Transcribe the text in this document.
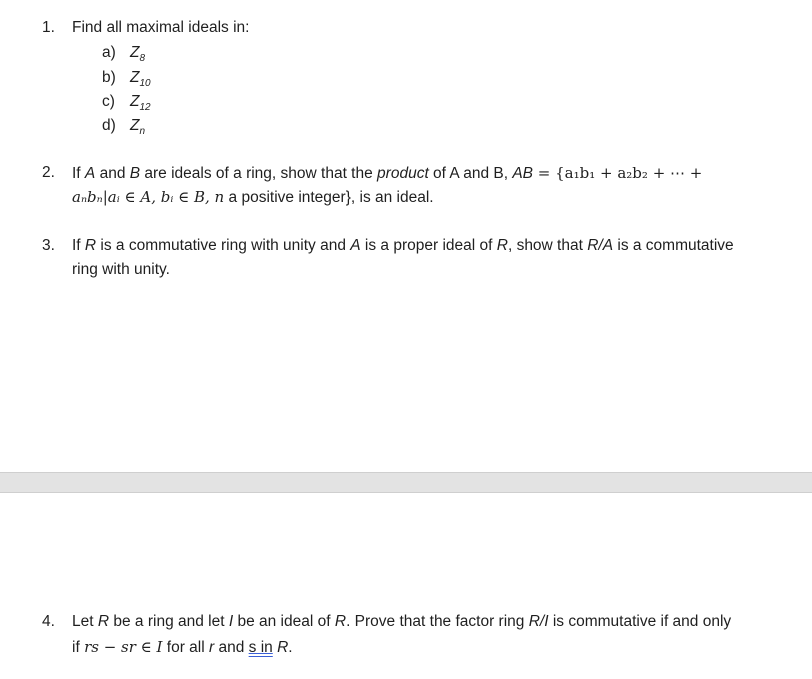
1. Find all maximal ideals in:
a) $Z_8$
b) $Z_{10}$
c) $Z_{12}$
d) $Z_n$
2. If A and B are ideals of a ring, show that the product of A and B, AB = {a₁b₁ + a₂b₂ + ⋯ +
aₙbₙ|aᵢ ∈ A, bᵢ ∈ B, n a positive integer}, is an ideal.
3. If R is a commutative ring with unity and A is a proper ideal of R, show that R/A is a commutative
ring with unity.
4. Let R be a ring and let I be an ideal of R. Prove that the factor ring R/I is commutative if and only
if rs − sr ∈ I for all r and s in R.
